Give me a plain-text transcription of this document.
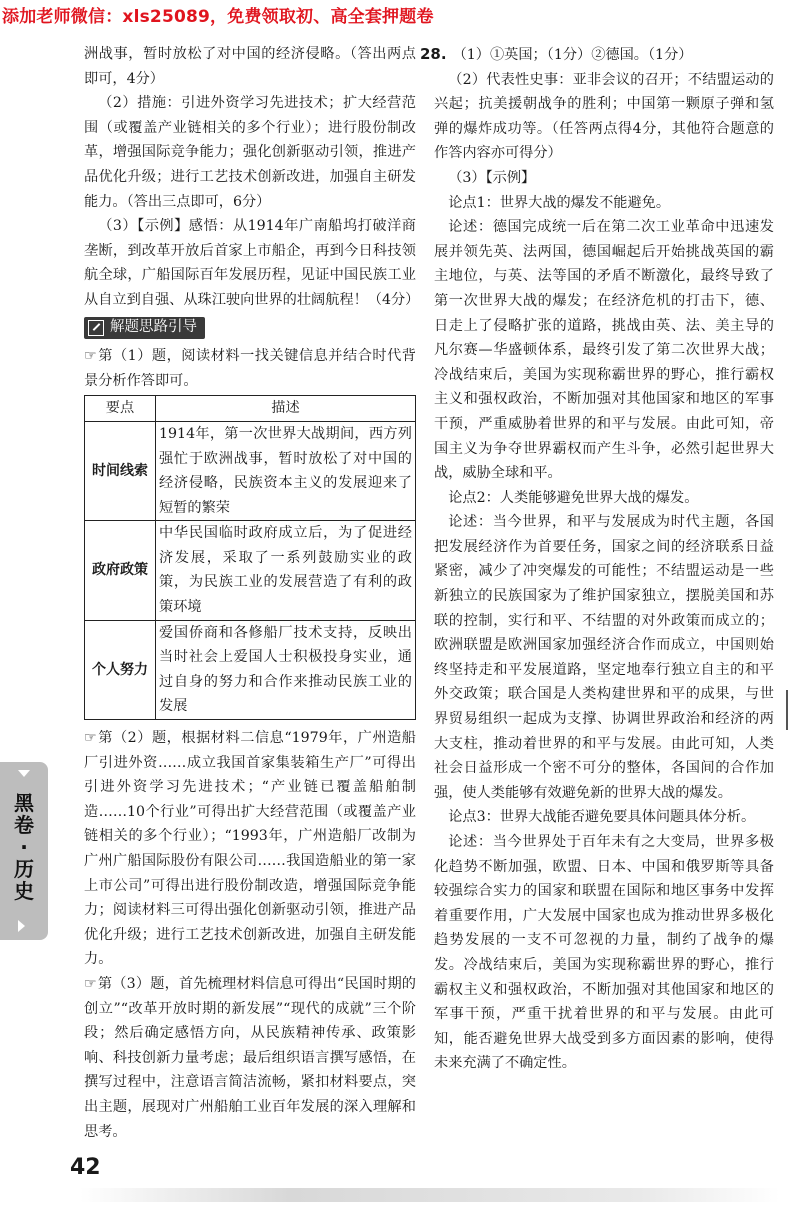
添加老师微信：xls25089，免费领取初、高全套押题卷

洲战事，暂时放松了对中国的经济侵略。（答出两点即可，4分）

（2）措施：引进外资学习先进技术；扩大经营范围（或覆盖产业链相关的多个行业）；进行股份制改革，增强国际竞争能力；强化创新驱动引领，推进产品优化升级；进行工艺技术创新改进，加强自主研发能力。（答出三点即可，6分）

（3）【示例】感悟：从1914年广南船坞打破洋商垄断，到改革开放后首家上市船企，再到今日科技领航全球，广船国际百年发展历程，见证中国民族工业从自立到自强、从珠江驶向世界的壮阔航程！（4分）

解题思路引导

☞第（1）题，阅读材料一找关键信息并结合时代背景分析作答即可。

要点	描述
时间线索	1914年，第一次世界大战期间，西方列强忙于欧洲战事，暂时放松了对中国的经济侵略，民族资本主义的发展迎来了短暂的繁荣
政府政策	中华民国临时政府成立后，为了促进经济发展，采取了一系列鼓励实业的政策，为民族工业的发展营造了有利的政策环境
个人努力	爱国侨商和各修船厂技术支持，反映出当时社会上爱国人士积极投身实业，通过自身的努力和合作来推动民族工业的发展

☞第（2）题，根据材料二信息“1979年，广州造船厂引进外资……成立我国首家集装箱生产厂”可得出引进外资学习先进技术；“产业链已覆盖船舶制造……10个行业”可得出扩大经营范围（或覆盖产业链相关的多个行业）；“1993年，广州造船厂改制为广州广船国际股份有限公司……我国造船业的第一家上市公司”可得出进行股份制改造，增强国际竞争能力；阅读材料三可得出强化创新驱动引领，推进产品优化升级；进行工艺技术创新改进，加强自主研发能力。

☞第（3）题，首先梳理材料信息可得出“民国时期的创立”“改革开放时期的新发展”“现代的成就”三个阶段；然后确定感悟方向，从民族精神传承、政策影响、科技创新力量考虑；最后组织语言撰写感悟，在撰写过程中，注意语言简洁流畅，紧扣材料要点，突出主题，展现对广州船舶工业百年发展的深入理解和思考。

28. （1）①英国；（1分）②德国。（1分）

（2）代表性史事：亚非会议的召开；不结盟运动的兴起；抗美援朝战争的胜利；中国第一颗原子弹和氢弹的爆炸成功等。（任答两点得4分，其他符合题意的作答内容亦可得分）

（3）【示例】

论点1：世界大战的爆发不能避免。

论述：德国完成统一后在第二次工业革命中迅速发展并领先英、法两国，德国崛起后开始挑战英国的霸主地位，与英、法等国的矛盾不断激化，最终导致了第一次世界大战的爆发；在经济危机的打击下，德、日走上了侵略扩张的道路，挑战由英、法、美主导的凡尔赛—华盛顿体系，最终引发了第二次世界大战；冷战结束后，美国为实现称霸世界的野心，推行霸权主义和强权政治，不断加强对其他国家和地区的军事干预，严重威胁着世界的和平与发展。由此可知，帝国主义为争夺世界霸权而产生斗争，必然引起世界大战，威胁全球和平。

论点2：人类能够避免世界大战的爆发。

论述：当今世界，和平与发展成为时代主题，各国把发展经济作为首要任务，国家之间的经济联系日益紧密，减少了冲突爆发的可能性；不结盟运动是一些新独立的民族国家为了维护国家独立，摆脱美国和苏联的控制，实行和平、不结盟的对外政策而成立的；欧洲联盟是欧洲国家加强经济合作而成立，中国则始终坚持走和平发展道路，坚定地奉行独立自主的和平外交政策；联合国是人类构建世界和平的成果，与世界贸易组织一起成为支撑、协调世界政治和经济的两大支柱，推动着世界的和平与发展。由此可知，人类社会日益形成一个密不可分的整体，各国间的合作加强，使人类能够有效避免新的世界大战的爆发。

论点3：世界大战能否避免要具体问题具体分析。

论述：当今世界处于百年未有之大变局，世界多极化趋势不断加强，欧盟、日本、中国和俄罗斯等具备较强综合实力的国家和联盟在国际和地区事务中发挥着重要作用，广大发展中国家也成为推动世界多极化趋势发展的一支不可忽视的力量，制约了战争的爆发。冷战结束后，美国为实现称霸世界的野心，推行霸权主义和强权政治，不断加强对其他国家和地区的军事干预，严重干扰着世界的和平与发展。由此可知，能否避免世界大战受到多方面因素的影响，使得未来充满了不确定性。

黑
卷
·
历
史
42
